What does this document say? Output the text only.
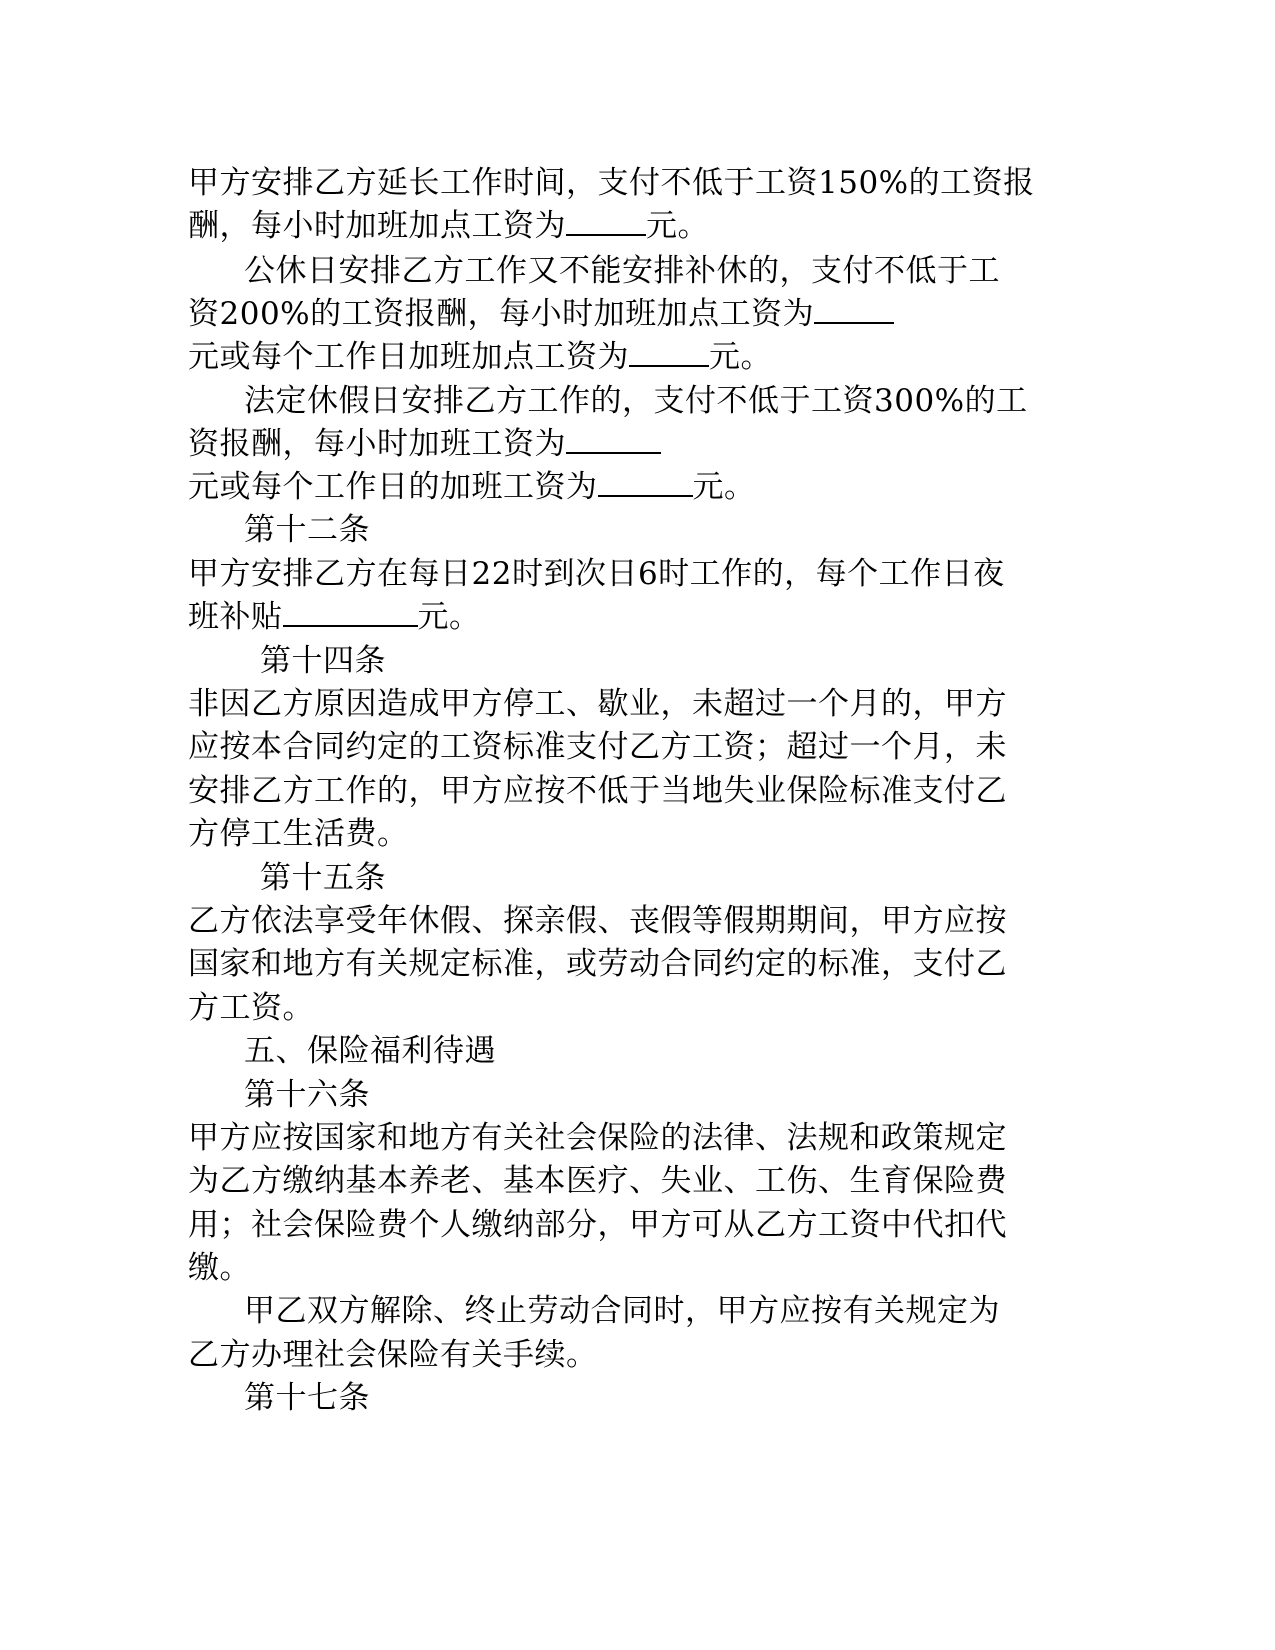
甲方安排乙方延长工作时间，支付不低于工资150%的工资报
酬，每小时加班加点工资为	元。
公休日安排乙方工作又不能安排补休的，支付不低于工
资200%的工资报酬，每小时加班加点工资为
元或每个工作日加班加点工资为	元。
法定休假日安排乙方工作的，支付不低于工资300%的工
资报酬，每小时加班工资为
元或每个工作日的加班工资为	元。
第十二条
甲方安排乙方在每日22时到次日6时工作的，每个工作日夜
班补贴	元。
第十四条
非因乙方原因造成甲方停工、歇业，未超过一个月的，甲方
应按本合同约定的工资标准支付乙方工资；超过一个月，未
安排乙方工作的，甲方应按不低于当地失业保险标准支付乙
方停工生活费。
第十五条
乙方依法享受年休假、探亲假、丧假等假期期间，甲方应按
国家和地方有关规定标准，或劳动合同约定的标准，支付乙
方工资。
五、保险福利待遇
第十六条
甲方应按国家和地方有关社会保险的法律、法规和政策规定
为乙方缴纳基本养老、基本医疗、失业、工伤、生育保险费
用；社会保险费个人缴纳部分，甲方可从乙方工资中代扣代
缴。
甲乙双方解除、终止劳动合同时，甲方应按有关规定为
乙方办理社会保险有关手续。
第十七条
